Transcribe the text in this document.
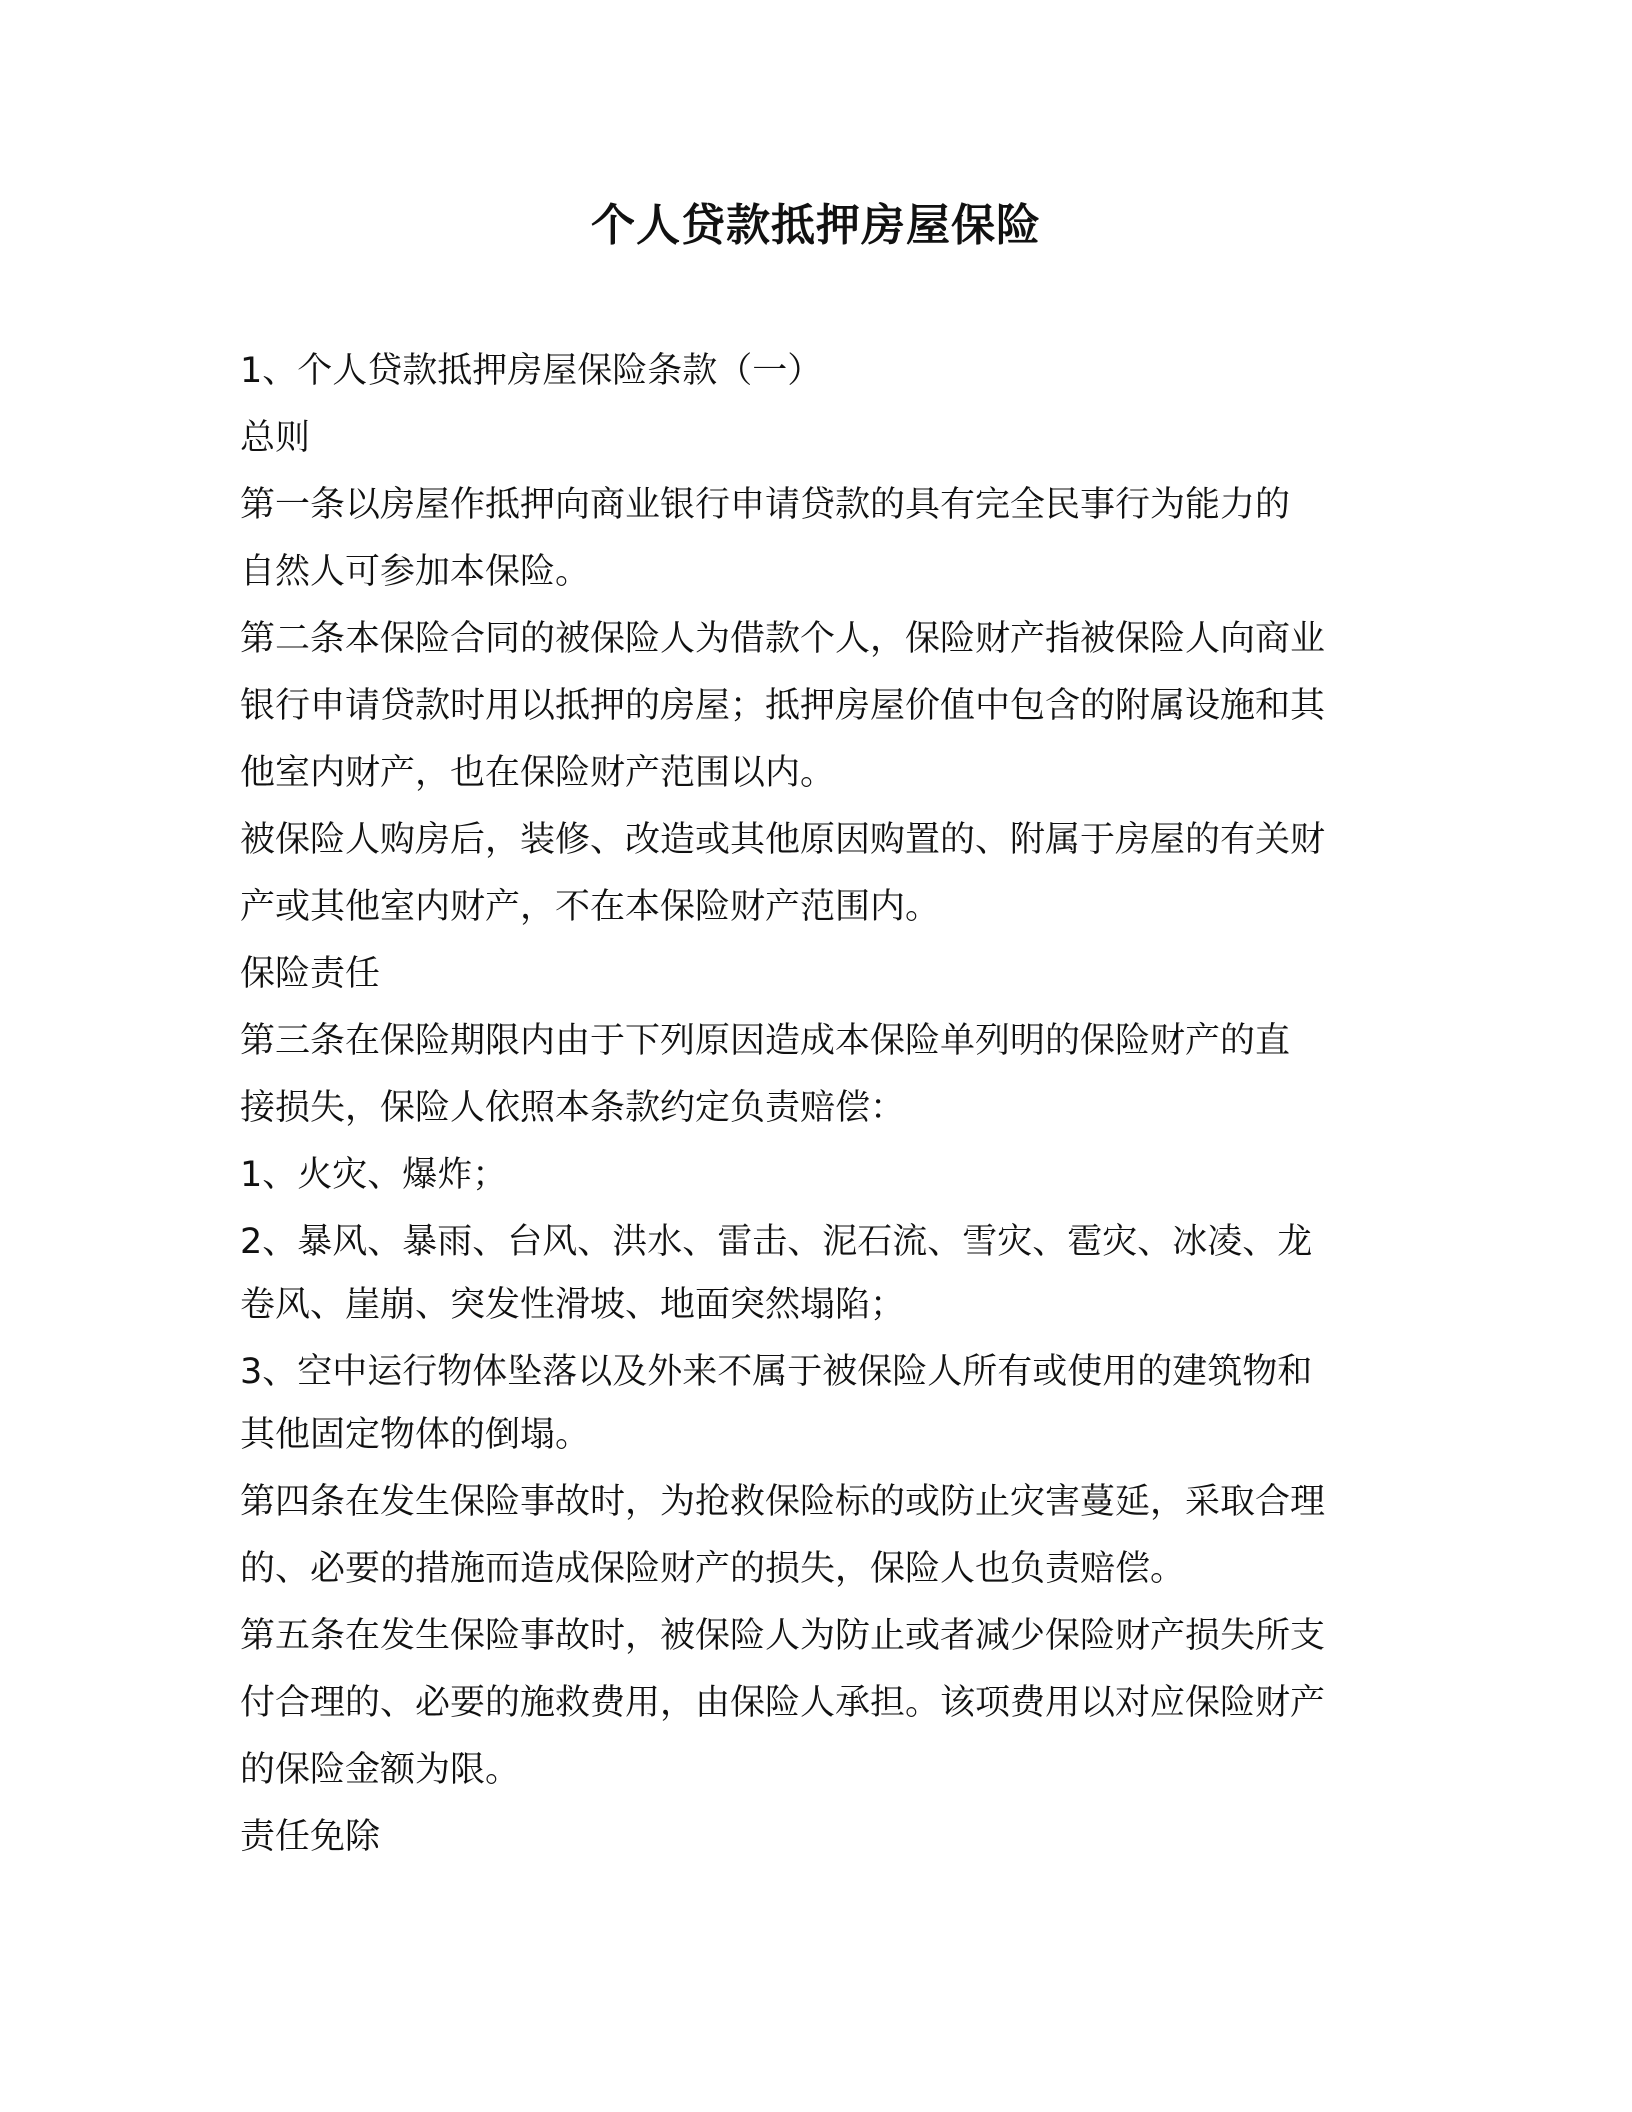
个人贷款抵押房屋保险

1、个人贷款抵押房屋保险条款（一）

总则

第一条以房屋作抵押向商业银行申请贷款的具有完全民事行为能力的

自然人可参加本保险。

第二条本保险合同的被保险人为借款个人，保险财产指被保险人向商业

银行申请贷款时用以抵押的房屋；抵押房屋价值中包含的附属设施和其

他室内财产，也在保险财产范围以内。

被保险人购房后，装修、改造或其他原因购置的、附属于房屋的有关财

产或其他室内财产，不在本保险财产范围内。

保险责任

第三条在保险期限内由于下列原因造成本保险单列明的保险财产的直

接损失，保险人依照本条款约定负责赔偿：

1、火灾、爆炸；

2、暴风、暴雨、台风、洪水、雷击、泥石流、雪灾、雹灾、冰凌、龙

卷风、崖崩、突发性滑坡、地面突然塌陷；

3、空中运行物体坠落以及外来不属于被保险人所有或使用的建筑物和

其他固定物体的倒塌。

第四条在发生保险事故时，为抢救保险标的或防止灾害蔓延，采取合理

的、必要的措施而造成保险财产的损失，保险人也负责赔偿。

第五条在发生保险事故时，被保险人为防止或者减少保险财产损失所支

付合理的、必要的施救费用，由保险人承担。该项费用以对应保险财产

的保险金额为限。

责任免除
